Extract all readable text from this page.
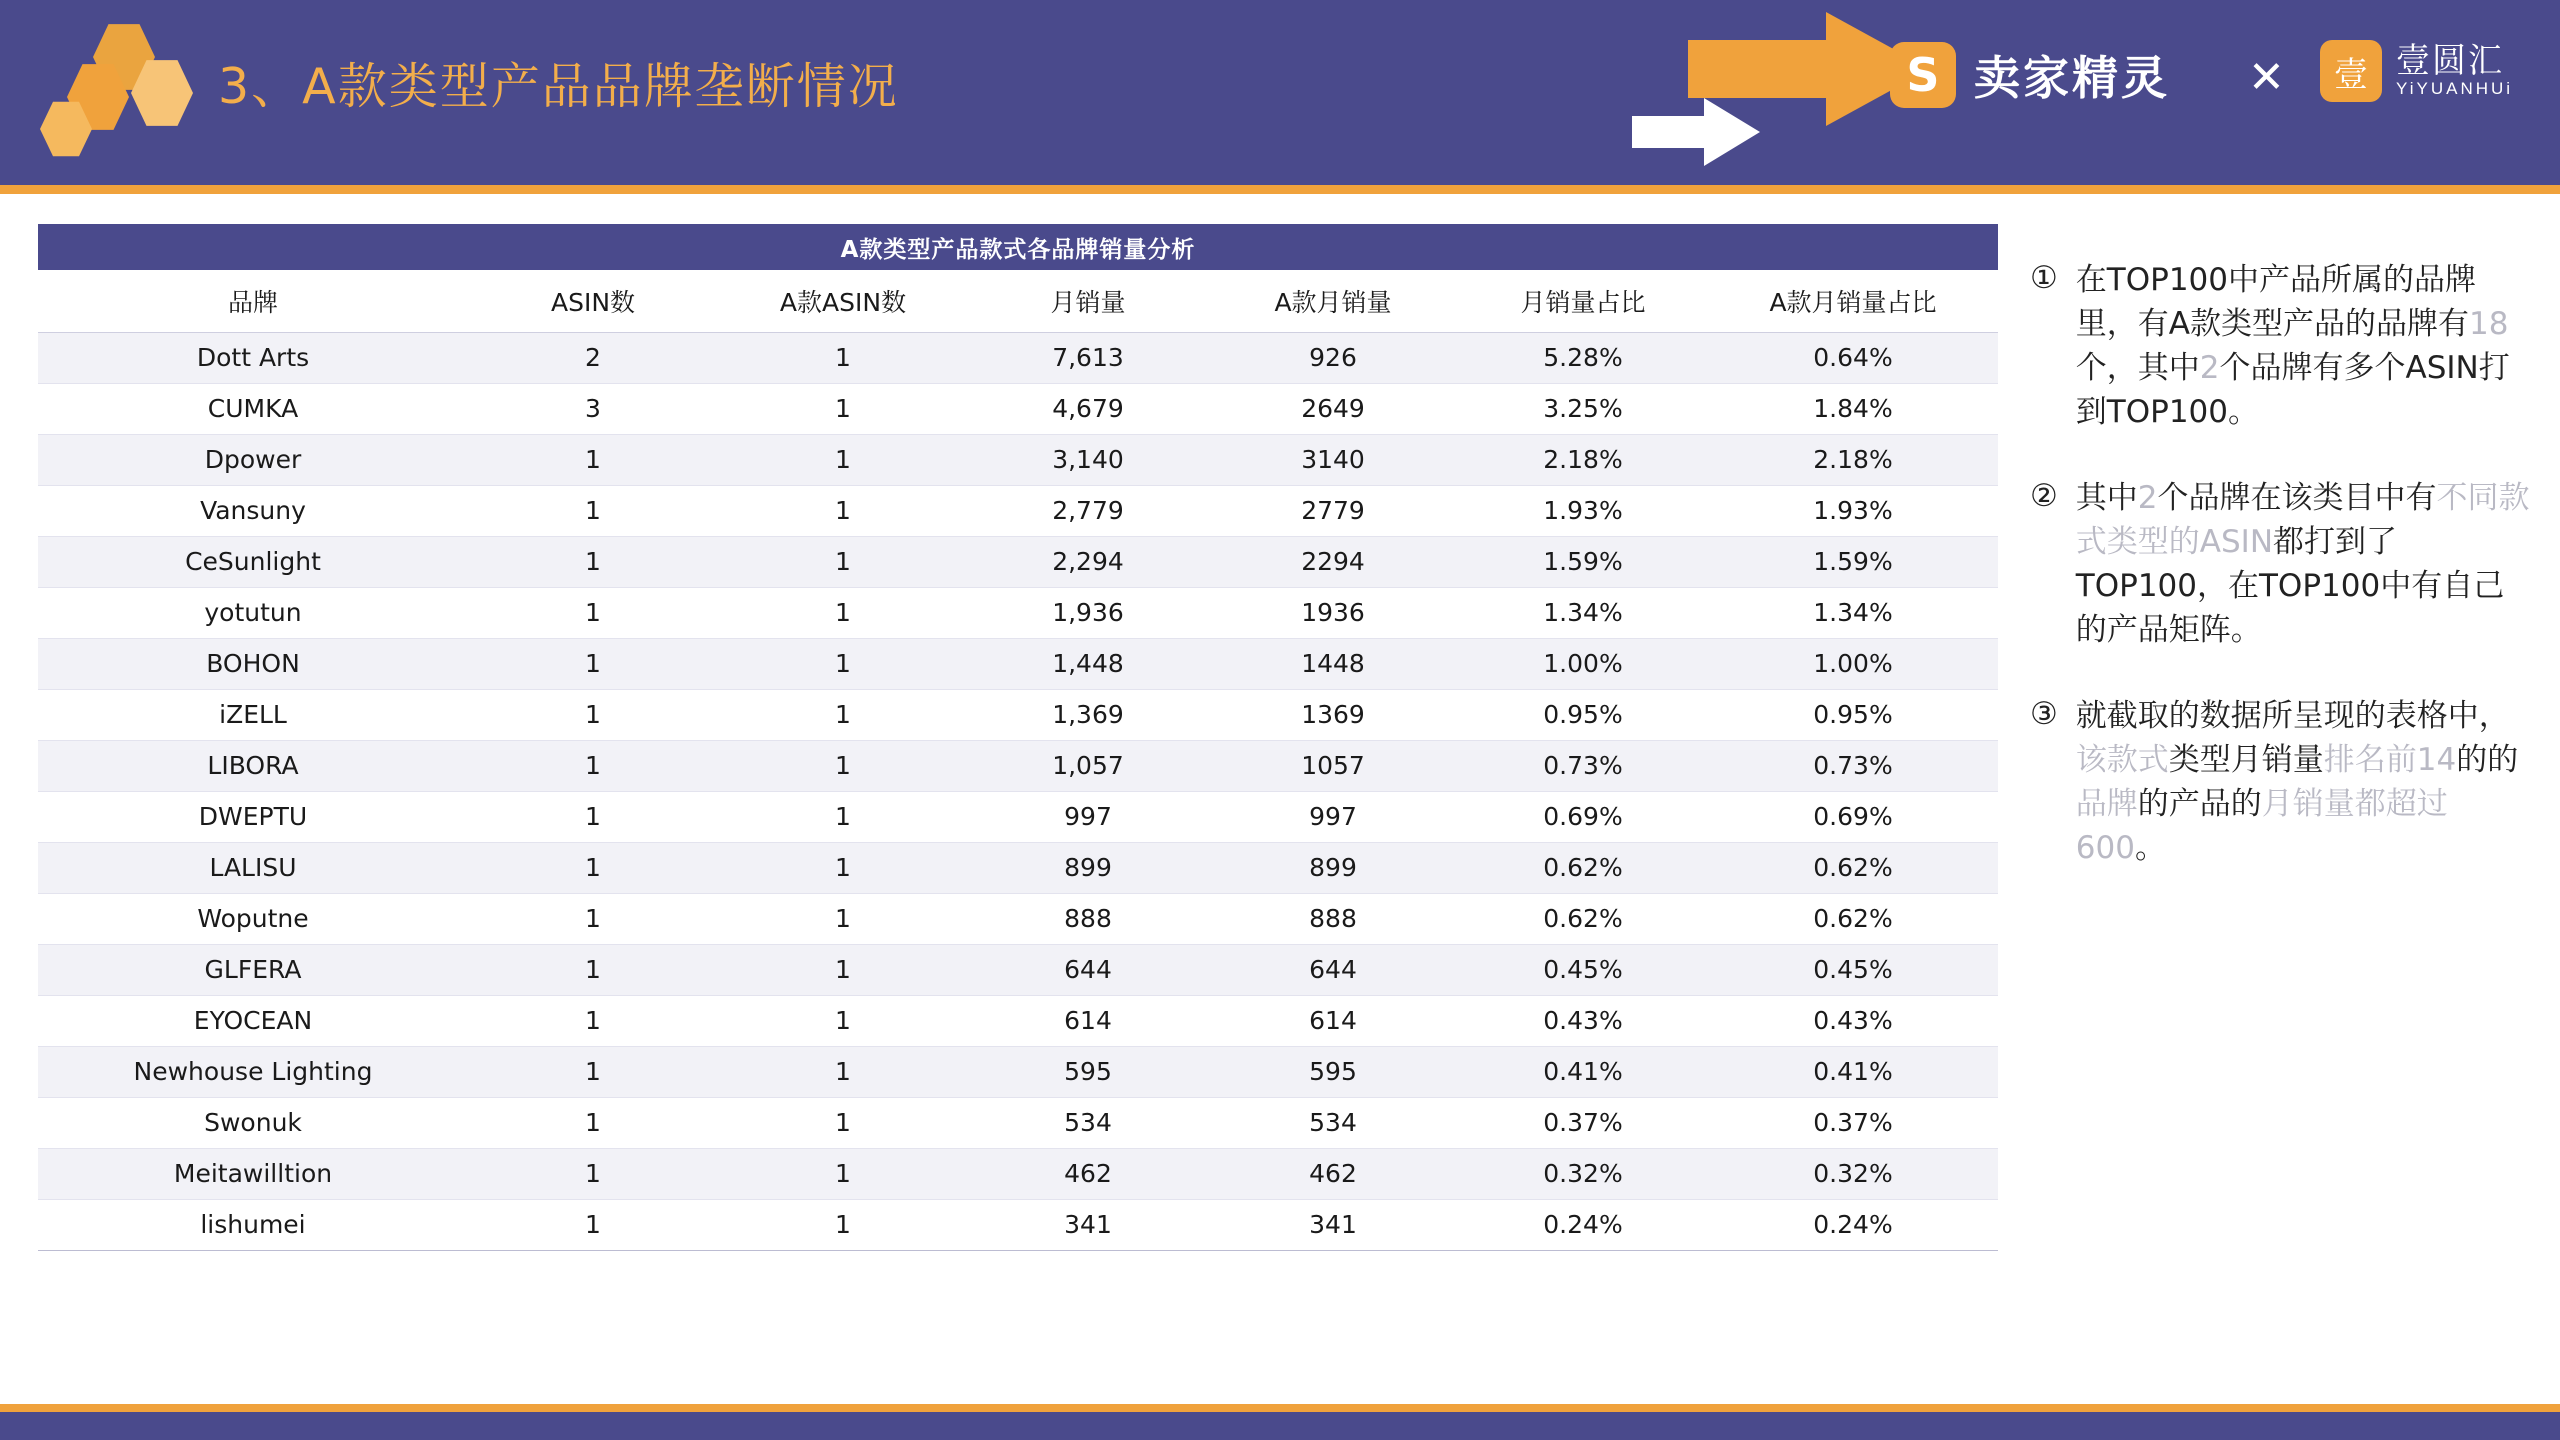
3、A款类型产品品牌垄断情况	S 卖家精灵 ✕	壹 壹圆汇
YiYUANHUi
A款类型产品款式各品牌销量分析
品牌	ASIN数	A款ASIN数	月销量	A款月销量	月销量占比	A款月销量占比
Dott Arts	2	1	7,613	926	5.28%	0.64%
CUMKA	3	1	4,679	2649	3.25%	1.84%
Dpower	1	1	3,140	3140	2.18%	2.18%
Vansuny	1	1	2,779	2779	1.93%	1.93%
CeSunlight	1	1	2,294	2294	1.59%	1.59%
yotutun	1	1	1,936	1936	1.34%	1.34%
BOHON	1	1	1,448	1448	1.00%	1.00%
iZELL	1	1	1,369	1369	0.95%	0.95%
LIBORA	1	1	1,057	1057	0.73%	0.73%
DWEPTU	1	1	997	997	0.69%	0.69%
LALISU	1	1	899	899	0.62%	0.62%
Woputne	1	1	888	888	0.62%	0.62%
GLFERA	1	1	644	644	0.45%	0.45%
EYOCEAN	1	1	614	614	0.43%	0.43%
Newhouse Lighting	1	1	595	595	0.41%	0.41%
Swonuk	1	1	534	534	0.37%	0.37%
Meitawilltion	1	1	462	462	0.32%	0.32%
lishumei	1	1	341	341	0.24%	0.24%
① 在TOP100中产品所属的品牌里，有A款类型产品的品牌有18个，其中2个品牌有多个ASIN打到TOP100。
② 其中2个品牌在该类目中有不同款式类型的ASIN都打到了TOP100，在TOP100中有自己的产品矩阵。
③ 就截取的数据所呈现的表格中，该款式类型月销量排名前14的的品牌的产品的月销量都超过600。
